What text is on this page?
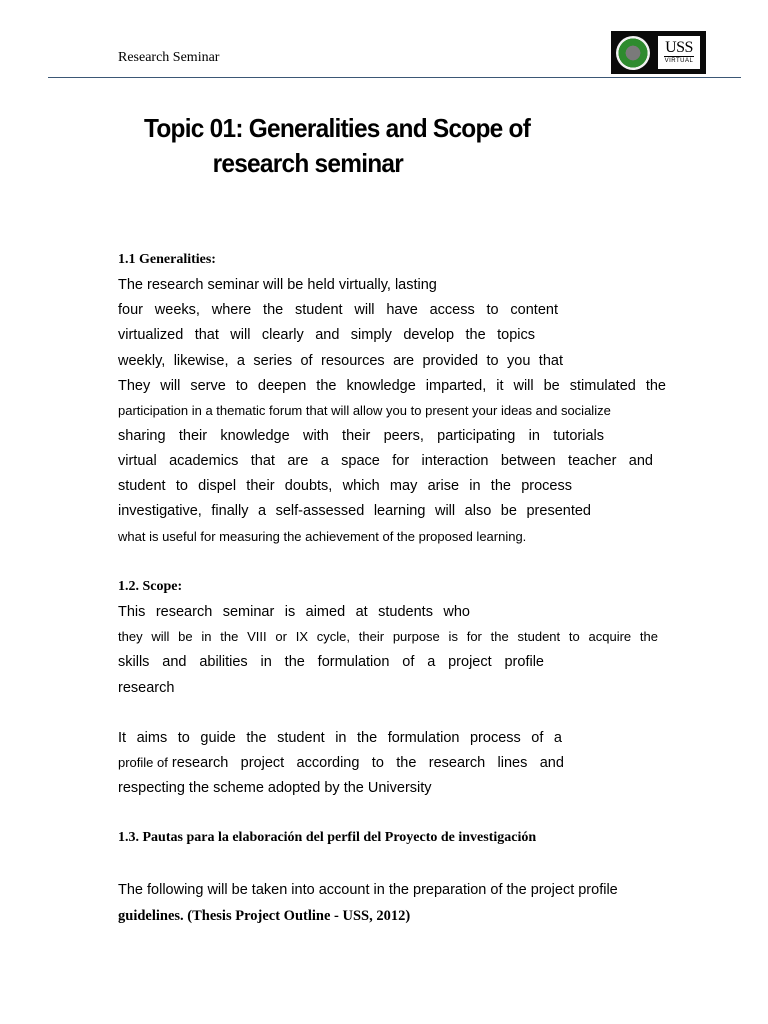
Research Seminar
USS
VIRTUAL
Topic 01: Generalities and Scope of
research seminar
1.1 Generalities:
The research seminar will be held virtually, lasting
four weeks, where the student will have access to content
virtualized that will clearly and simply develop the topics
weekly, likewise, a series of resources are provided to you that
They will serve to deepen the knowledge imparted, it will be stimulated the
participation in a thematic forum that will allow you to present your ideas and socialize
sharing their knowledge with their peers, participating in tutorials
virtual academics that are a space for interaction between teacher and
student to dispel their doubts, which may arise in the process
investigative, finally a self-assessed learning will also be presented
what is useful for measuring the achievement of the proposed learning.
1.2. Scope:
This research seminar is aimed at students who
they will be in the VIII or IX cycle, their purpose is for the student to acquire the
skills and abilities in the formulation of a project profile
research
It aims to guide the student in the formulation process of a
profile of research project according to the research lines and
respecting the scheme adopted by the University
1.3. Pautas para la elaboración del perfil del Proyecto de investigación
The following will be taken into account in the preparation of the project profile
guidelines. (Thesis Project Outline - USS, 2012)
